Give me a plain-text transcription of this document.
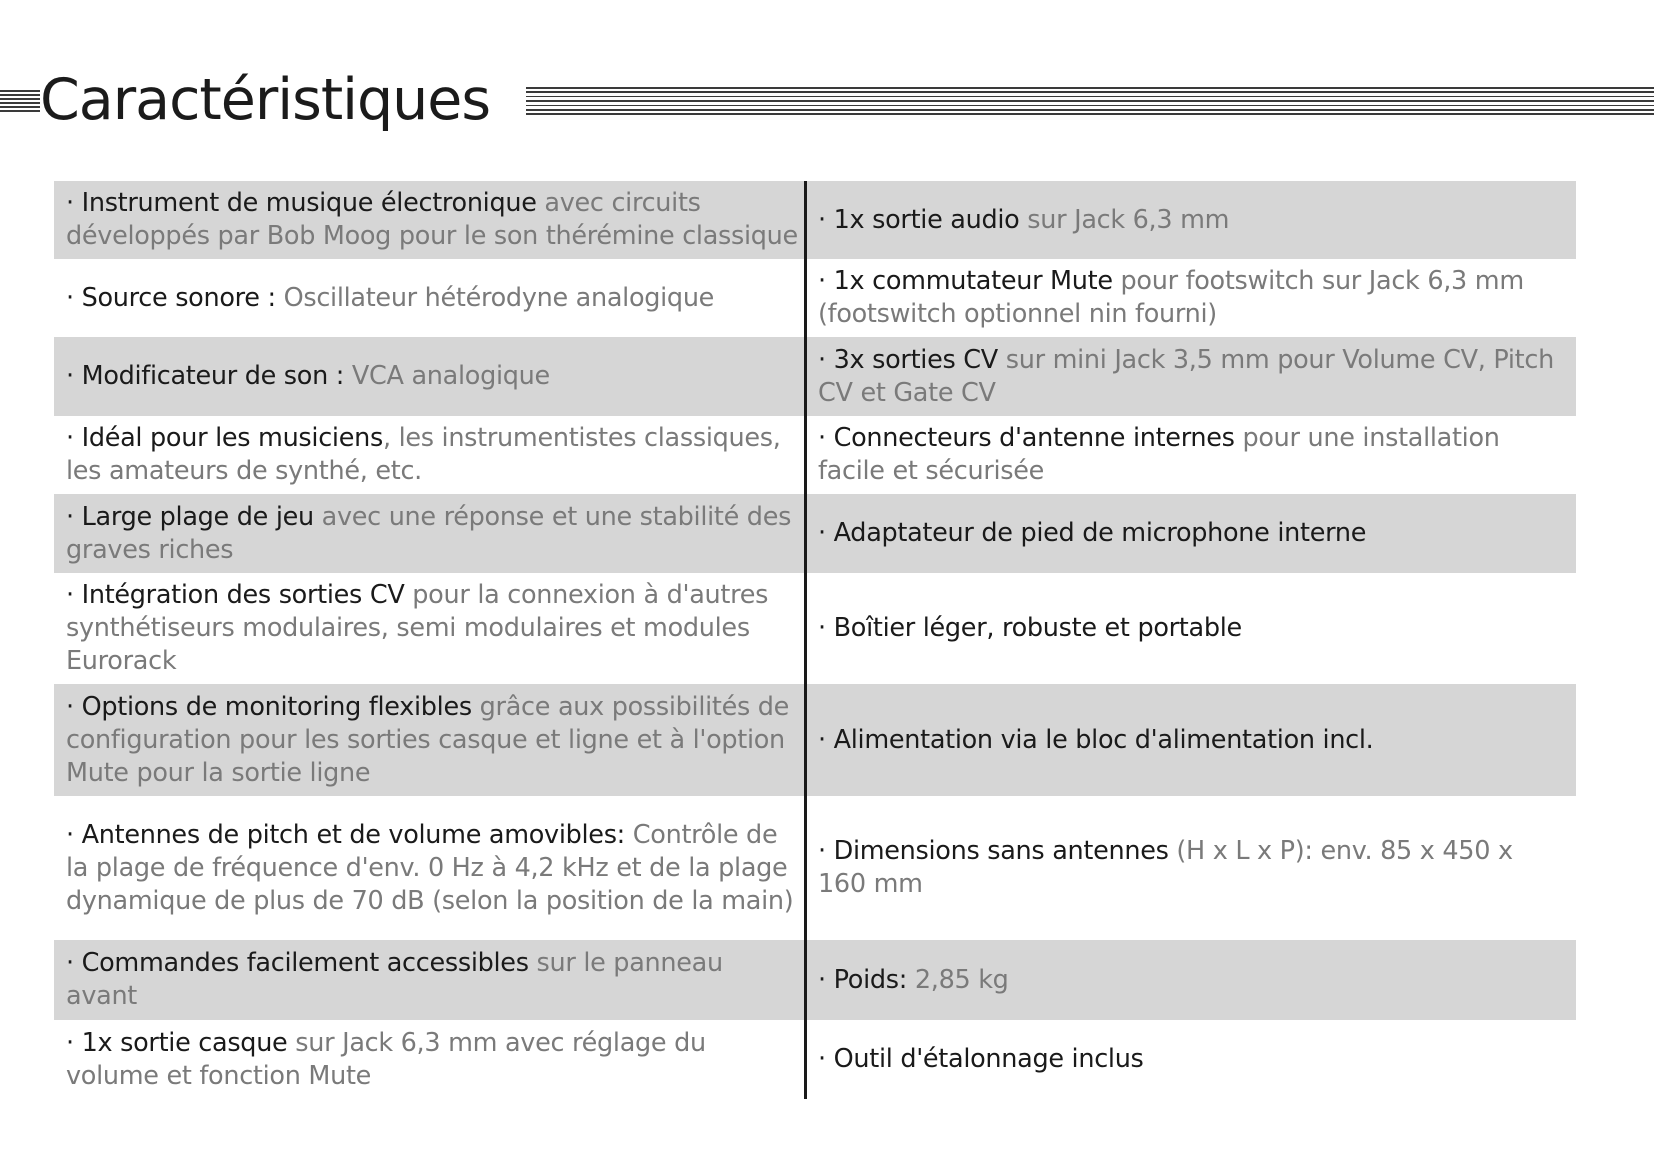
Caractéristiques
· Instrument de musique électronique avec circuits développés par Bob Moog pour le son thérémine classique
· 1x sortie audio sur Jack 6,3 mm
· Source sonore : Oscillateur hétérodyne analogique
· 1x commutateur Mute pour footswitch sur Jack 6,3 mm (footswitch optionnel nin fourni)
· Modificateur de son : VCA analogique
· 3x sorties CV sur mini Jack 3,5 mm pour Volume CV, Pitch CV et Gate CV
· Idéal pour les musiciens, les instrumentistes classiques, les amateurs de synthé, etc.
· Connecteurs d'antenne internes pour une installation facile et sécurisée
· Large plage de jeu avec une réponse et une stabilité des graves riches
· Adaptateur de pied de microphone interne
· Intégration des sorties CV pour la connexion à d'autres synthétiseurs modulaires, semi modulaires et modules Eurorack
· Boîtier léger, robuste et portable
· Options de monitoring flexibles grâce aux possibilités de configuration pour les sorties casque et ligne et à l'option Mute pour la sortie ligne
· Alimentation via le bloc d'alimentation incl.
· Antennes de pitch et de volume amovibles: Contrôle de la plage de fréquence d'env. 0 Hz à 4,2 kHz et de la plage dynamique de plus de 70 dB (selon la position de la main)
· Dimensions sans antennes (H x L x P): env. 85 x 450 x 160 mm
· Commandes facilement accessibles sur le panneau avant
· Poids: 2,85 kg
· 1x sortie casque sur Jack 6,3 mm avec réglage du volume et fonction Mute
· Outil d'étalonnage inclus
